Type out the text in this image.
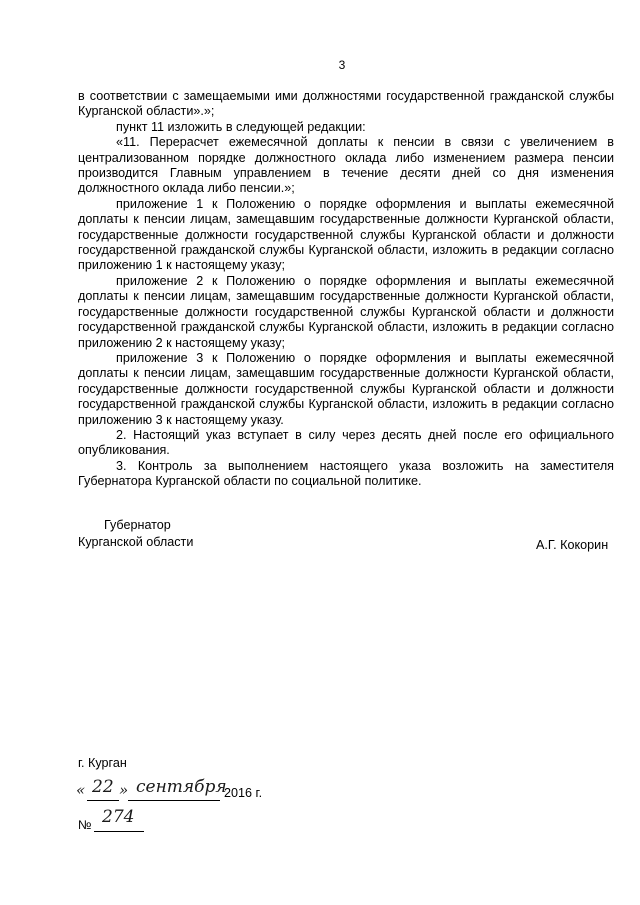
3

в соответствии с замещаемыми ими должностями государственной гражданской службы Курганской области».»;

пункт 11 изложить в следующей редакции:

«11. Перерасчет ежемесячной доплаты к пенсии в связи с увеличением в централизованном порядке должностного оклада либо изменением размера пенсии производится Главным управлением в течение десяти дней со дня изменения должностного оклада либо пенсии.»;

приложение 1 к Положению о порядке оформления и выплаты ежемесячной доплаты к пенсии лицам, замещавшим государственные должности Курганской области, государственные должности государственной службы Курганской области и должности государственной гражданской службы Курганской области, изложить в редакции согласно приложению 1 к настоящему указу;

приложение 2 к Положению о порядке оформления и выплаты ежемесячной доплаты к пенсии лицам, замещавшим государственные должности Курганской области, государственные должности государственной службы Курганской области и должности государственной гражданской службы Курганской области, изложить в редакции согласно приложению 2 к настоящему указу;

приложение 3 к Положению о порядке оформления и выплаты ежемесячной доплаты к пенсии лицам, замещавшим государственные должности Курганской области, государственные должности государственной службы Курганской области и должности государственной гражданской службы Курганской области, изложить в редакции согласно приложению 3 к настоящему указу.

2. Настоящий указ вступает в силу через десять дней после его официального опубликования.

3. Контроль за выполнением настоящего указа возложить на заместителя Губернатора Курганской области по социальной политике.

Губернатор
Курганской области	А.Г. Кокорин
г. Курган
« 22 » сентября
2016 г.
№ 274
